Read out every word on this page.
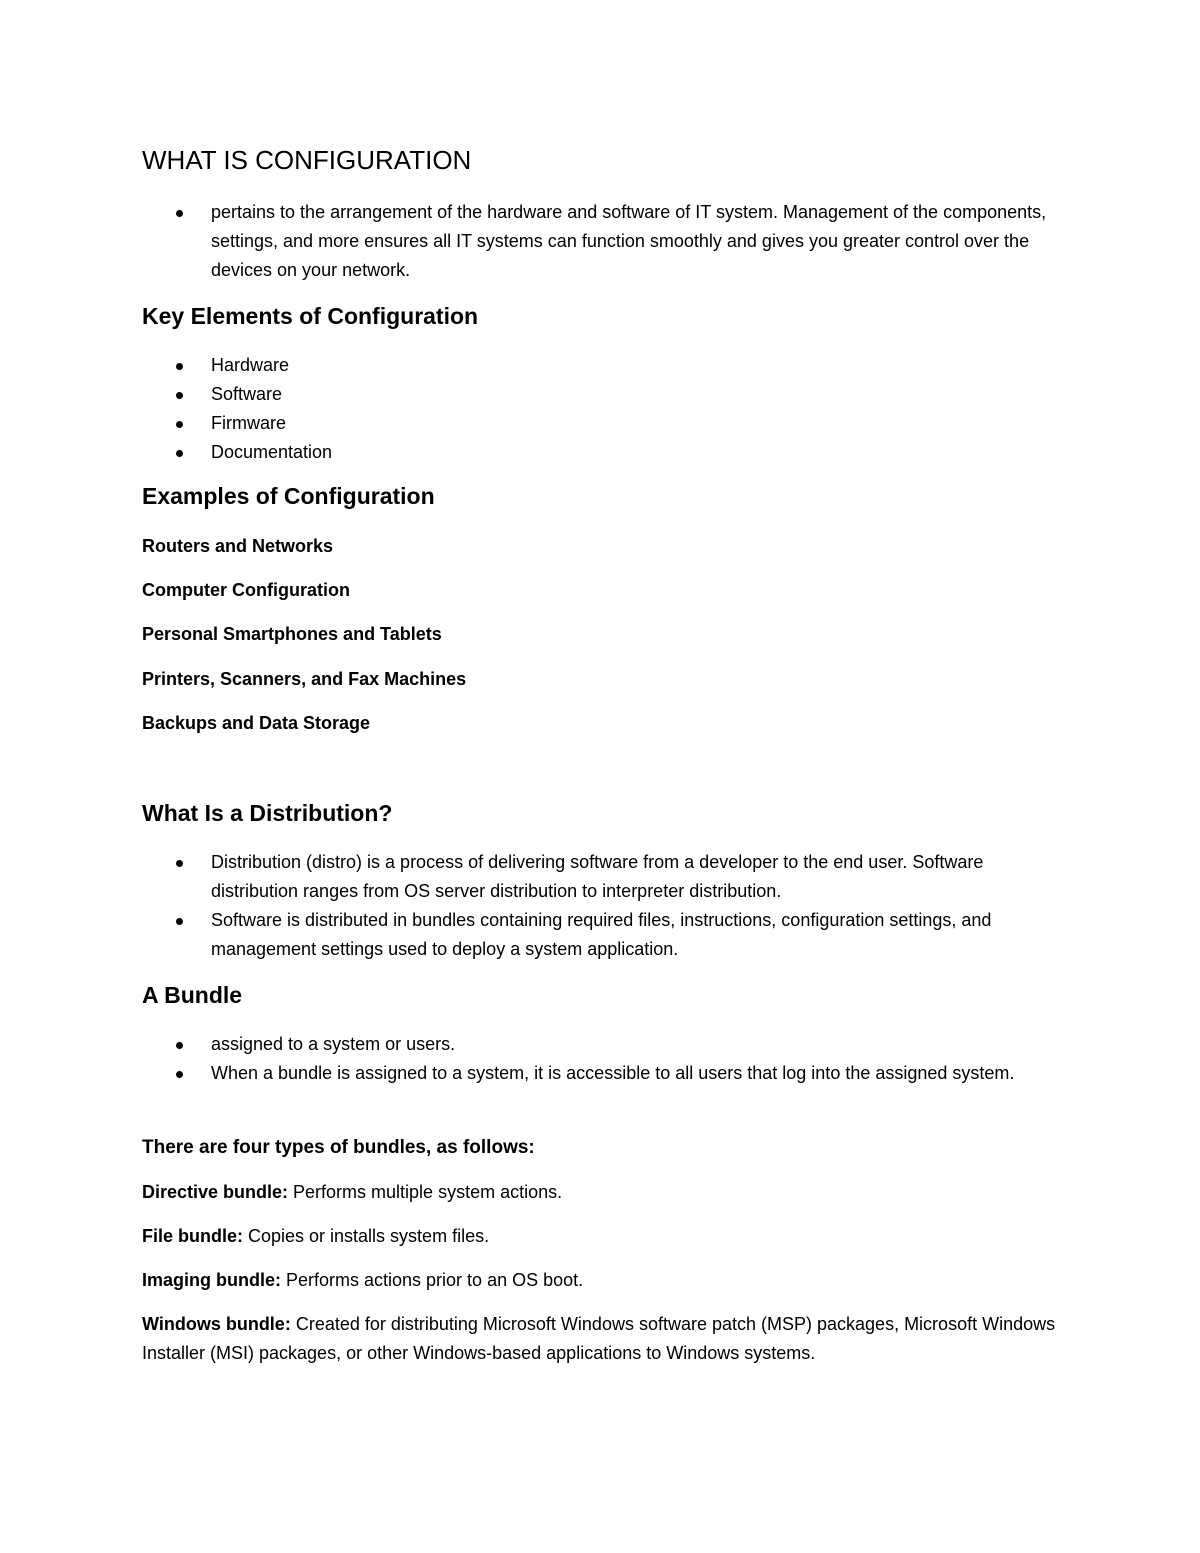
WHAT IS CONFIGURATION
pertains to the arrangement of the hardware and software of IT system. Management of the components, settings, and more ensures all IT systems can function smoothly and gives you greater control over the devices on your network.
Key Elements of Configuration
Hardware
Software
Firmware
Documentation
Examples of Configuration

Routers and Networks

Computer Configuration

Personal Smartphones and Tablets

Printers, Scanners, and Fax Machines

Backups and Data Storage

What Is a Distribution?
Distribution (distro) is a process of delivering software from a developer to the end user. Software distribution ranges from OS server distribution to interpreter distribution.
Software is distributed in bundles containing required files, instructions, configuration settings, and management settings used to deploy a system application.
A Bundle
assigned to a system or users.
When a bundle is assigned to a system, it is accessible to all users that log into the assigned system.

There are four types of bundles, as follows:

Directive bundle: Performs multiple system actions.

File bundle: Copies or installs system files.

Imaging bundle: Performs actions prior to an OS boot.

Windows bundle: Created for distributing Microsoft Windows software patch (MSP) packages, Microsoft Windows Installer (MSI) packages, or other Windows-based applications to Windows systems.
